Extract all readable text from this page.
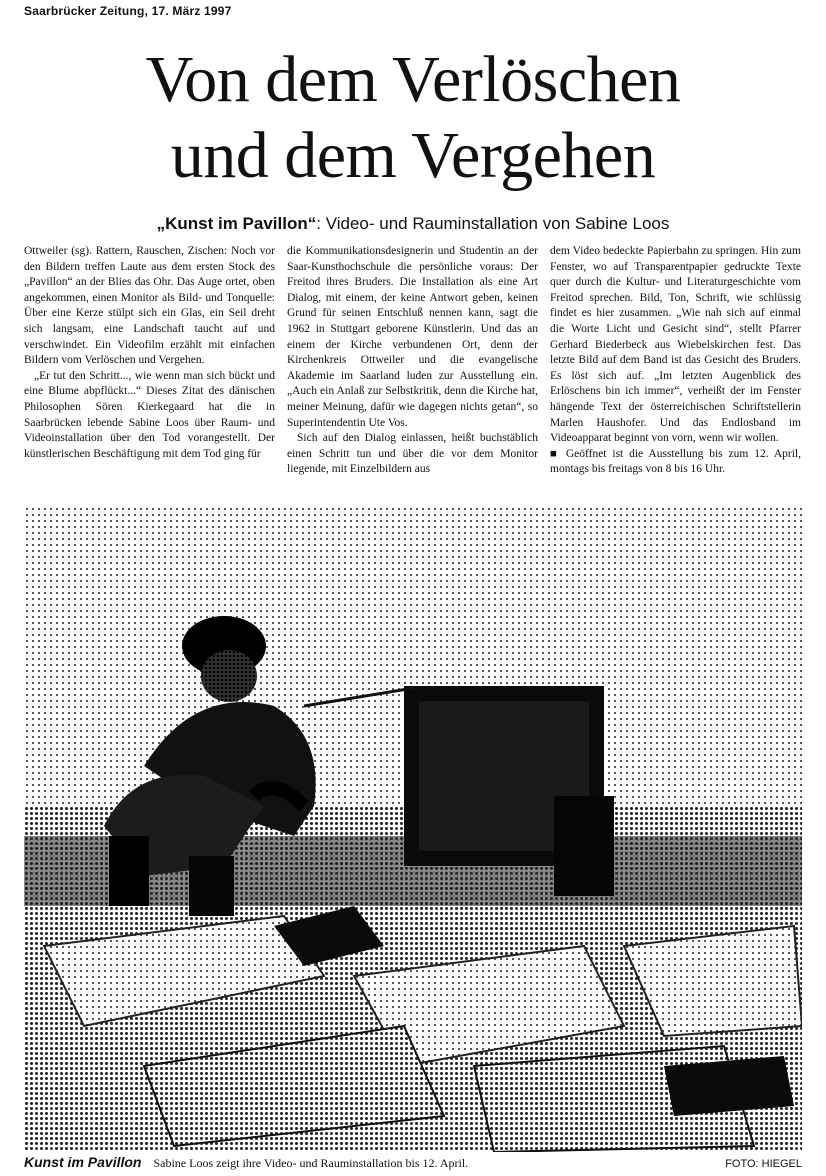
Saarbrücker Zeitung, 17. März 1997
Von dem Verlöschen
und dem Vergehen
„Kunst im Pavillon“: Video- und Rauminstallation von Sabine Loos

Ottweiler (sg). Rattern, Rauschen, Zischen: Noch vor den Bildern treffen Laute aus dem ersten Stock des „Pavillon“ an der Blies das Ohr. Das Auge ortet, oben angekommen, einen Monitor als Bild- und Tonquelle: Über eine Kerze stülpt sich ein Glas, ein Seil dreht sich langsam, eine Landschaft taucht auf und verschwindet. Ein Videofilm erzählt mit einfachen Bildern vom Verlöschen und Vergehen.

„Er tut den Schritt..., wie wenn man sich bückt und eine Blume abpflückt...“ Dieses Zitat des dänischen Philosophen Sören Kierkegaard hat die in Saarbrücken lebende Sabine Loos über Raum- und Videoinstallation über den Tod vorangestellt. Der künstlerischen Beschäftigung mit dem Tod ging für

die Kommunikationsdesignerin und Studentin an der Saar-Kunsthochschule die persönliche voraus: Der Freitod ihres Bruders. Die Installation als eine Art Dialog, mit einem, der keine Antwort geben, keinen Grund für seinen Entschluß nennen kann, sagt die 1962 in Stuttgart geborene Künstlerin. Und das an einem der Kirche verbundenen Ort, denn der Kirchenkreis Ottweiler und die evangelische Akademie im Saarland luden zur Ausstellung ein. „Auch ein Anlaß zur Selbstkritik, denn die Kirche hat, meiner Meinung, dafür wie dagegen nichts getan“, so Superintendentin Ute Vos.

Sich auf den Dialog einlassen, heißt buchstäblich einen Schritt tun und über die vor dem Monitor liegende, mit Einzelbildern aus

dem Video bedeckte Papierbahn zu springen. Hin zum Fenster, wo auf Transparentpapier gedruckte Texte quer durch die Kultur- und Literaturgeschichte vom Freitod sprechen. Bild, Ton, Schrift, wie schlüssig findet es hier zusammen. „Wie nah sich auf einmal die Worte Licht und Gesicht sind“, stellt Pfarrer Gerhard Biederbeck aus Wiebelskirchen fest. Das letzte Bild auf dem Band ist das Gesicht des Bruders. Es löst sich auf. „Im letzten Augenblick des Erlöschens bin ich immer“, verheißt der im Fenster hängende Text der österreichischen Schriftstellerin Marlen Haushofer. Und das Endlosband im Videoapparat beginnt von vorn, wenn wir wollen.

■ Geöffnet ist die Ausstellung bis zum 12. April, montags bis freitags von 8 bis 16 Uhr.

Kunst im Pavillon Sabine Loos zeigt ihre Video- und Rauminstallation bis 12. April.	FOTO: HIEGEL
